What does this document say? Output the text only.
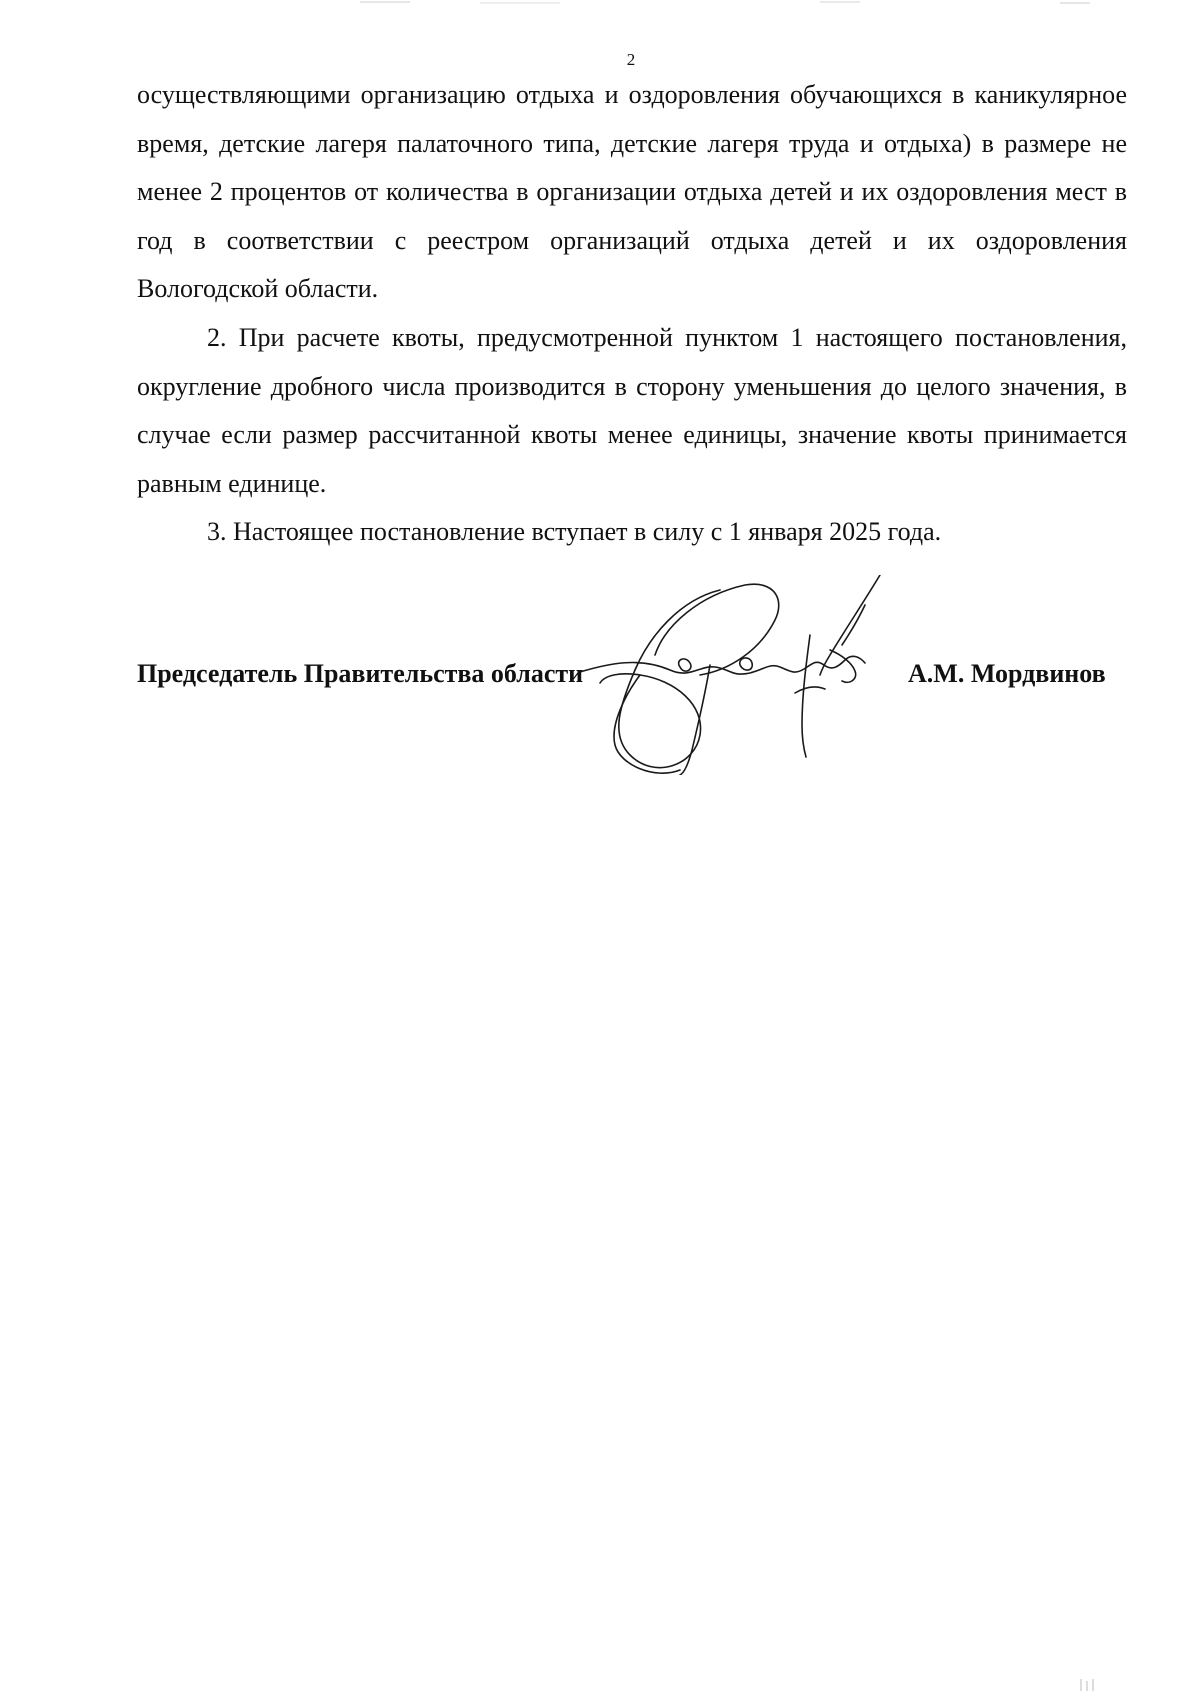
2

осуществляющими организацию отдыха и оздоровления обучающихся в каникулярное время, детские лагеря палаточного типа, детские лагеря труда и отдыха) в размере не менее 2 процентов от количества в организации отдыха детей и их оздоровления мест в год в соответствии с реестром организаций отдыха детей и их оздоровления Вологодской области.

2. При расчете квоты, предусмотренной пунктом 1 настоящего постановления, округление дробного числа производится в сторону уменьшения до целого значения, в случае если размер рассчитанной квоты менее единицы, значение квоты принимается равным единице.

3. Настоящее постановление вступает в силу с 1 января 2025 года.

Председатель Правительства области	А.М. Мордвинов
